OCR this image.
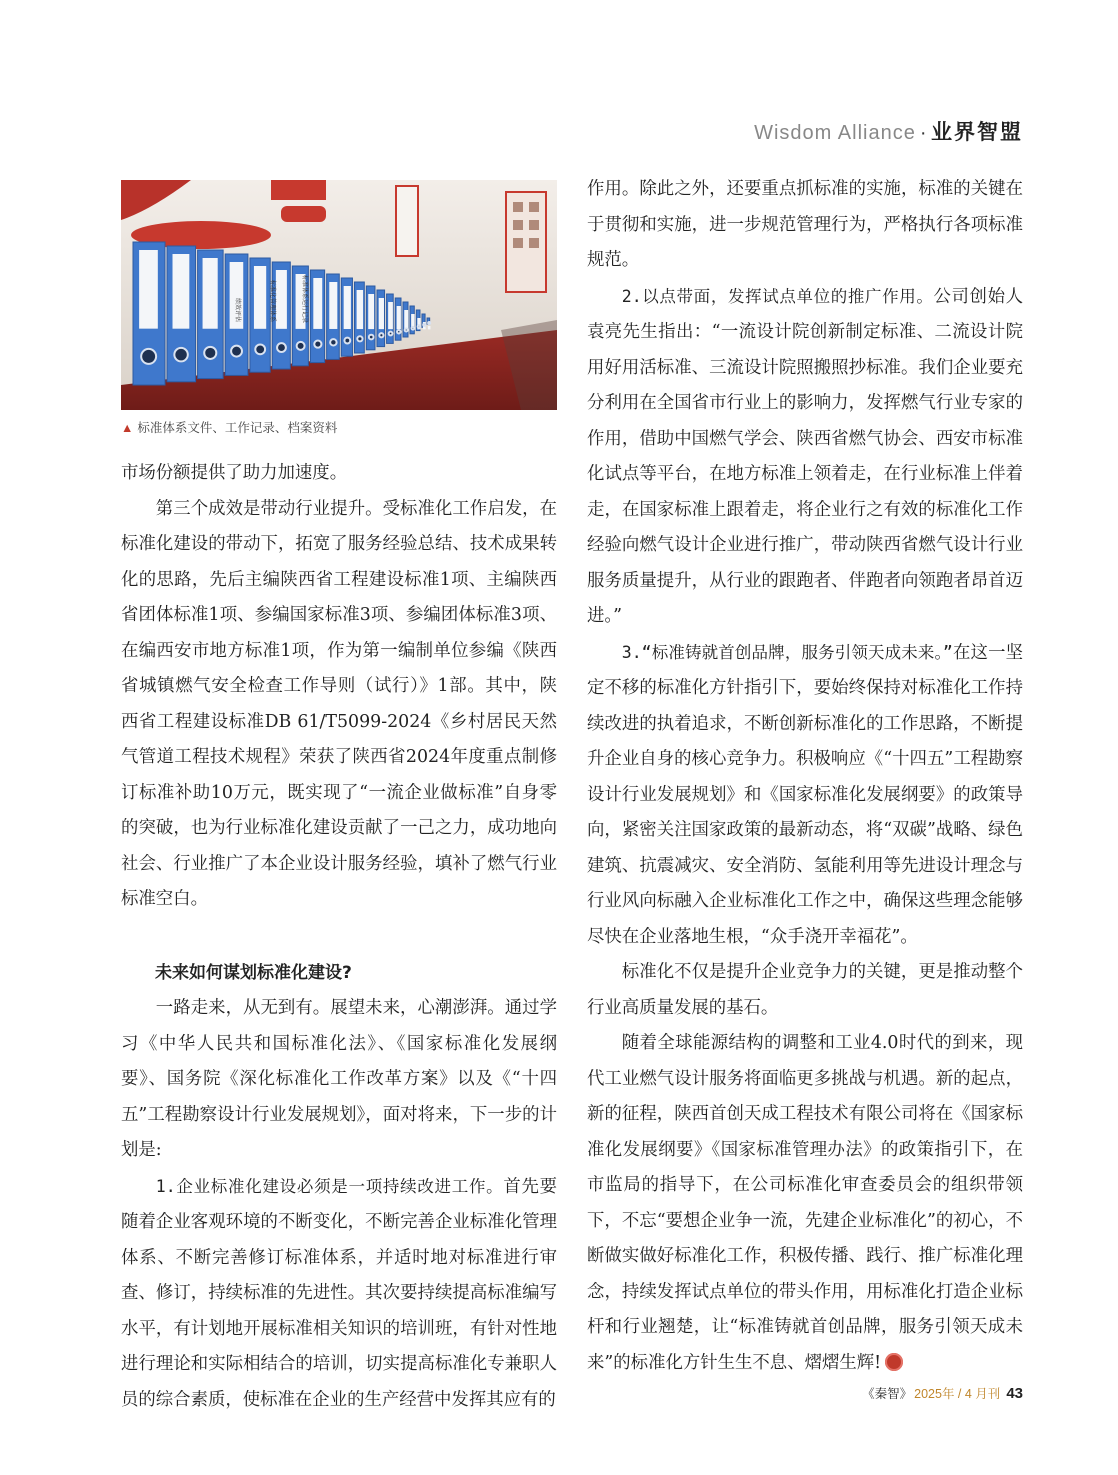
Wisdom Alliance · 业界智盟
绩效评估	标准化管理体系	标准体系运行记录
▲ 标准体系文件、工作记录、档案资料

市场份额提供了助力加速度。

第三个成效是带动行业提升。受标准化工作启发，在标准化建设的带动下，拓宽了服务经验总结、技术成果转化的思路，先后主编陕西省工程建设标准1项、主编陕西省团体标准1项、参编国家标准3项、参编团体标准3项、在编西安市地方标准1项，作为第一编制单位参编《陕西省城镇燃气安全检查工作导则（试行）》1部。其中，陕西省工程建设标准DB 61/T5099-2024《乡村居民天然气管道工程技术规程》荣获了陕西省2024年度重点制修订标准补助10万元，既实现了“一流企业做标准”自身零的突破，也为行业标准化建设贡献了一己之力，成功地向社会、行业推广了本企业设计服务经验，填补了燃气行业标准空白。

未来如何谋划标准化建设?

一路走来，从无到有。展望未来，心潮澎湃。通过学习《中华人民共和国标准化法》、《国家标准化发展纲要》、国务院《深化标准化工作改革方案》以及《“十四五”工程勘察设计行业发展规划》，面对将来，下一步的计划是:

1.企业标准化建设必须是一项持续改进工作。首先要随着企业客观环境的不断变化，不断完善企业标准化管理体系、不断完善修订标准体系，并适时地对标准进行审查、修订，持续标准的先进性。其次要持续提高标准编写水平，有计划地开展标准相关知识的培训班，有针对性地进行理论和实际相结合的培训，切实提高标准化专兼职人员的综合素质，使标准在企业的生产经营中发挥其应有的

作用。除此之外，还要重点抓标准的实施，标准的关键在于贯彻和实施，进一步规范管理行为，严格执行各项标准规范。

2.以点带面，发挥试点单位的推广作用。公司创始人袁亮先生指出：“一流设计院创新制定标准、二流设计院用好用活标准、三流设计院照搬照抄标准。我们企业要充分利用在全国省市行业上的影响力，发挥燃气行业专家的作用，借助中国燃气学会、陕西省燃气协会、西安市标准化试点等平台，在地方标准上领着走，在行业标准上伴着走，在国家标准上跟着走，将企业行之有效的标准化工作经验向燃气设计企业进行推广，带动陕西省燃气设计行业服务质量提升，从行业的跟跑者、伴跑者向领跑者昂首迈进。”

3.“标准铸就首创品牌，服务引领天成未来。”在这一坚定不移的标准化方针指引下，要始终保持对标准化工作持续改进的执着追求，不断创新标准化的工作思路，不断提升企业自身的核心竞争力。积极响应《“十四五”工程勘察设计行业发展规划》和《国家标准化发展纲要》的政策导向，紧密关注国家政策的最新动态，将“双碳”战略、绿色建筑、抗震减灾、安全消防、氢能利用等先进设计理念与行业风向标融入企业标准化工作之中，确保这些理念能够尽快在企业落地生根，“众手浇开幸福花”。

标准化不仅是提升企业竞争力的关键，更是推动整个行业高质量发展的基石。

随着全球能源结构的调整和工业4.0时代的到来，现代工业燃气设计服务将面临更多挑战与机遇。新的起点，新的征程，陕西首创天成工程技术有限公司将在《国家标准化发展纲要》《国家标准管理办法》的政策指引下，在市监局的指导下，在公司标准化审查委员会的组织带领下，不忘“要想企业争一流，先建企业标准化”的初心，不断做实做好标准化工作，积极传播、践行、推广标准化理念，持续发挥试点单位的带头作用，用标准化打造企业标杆和行业翘楚，让“标准铸就首创品牌，服务引领天成未来”的标准化方针生生不息、熠熠生辉!

《秦智》 2025年 / 4 月刊 43
